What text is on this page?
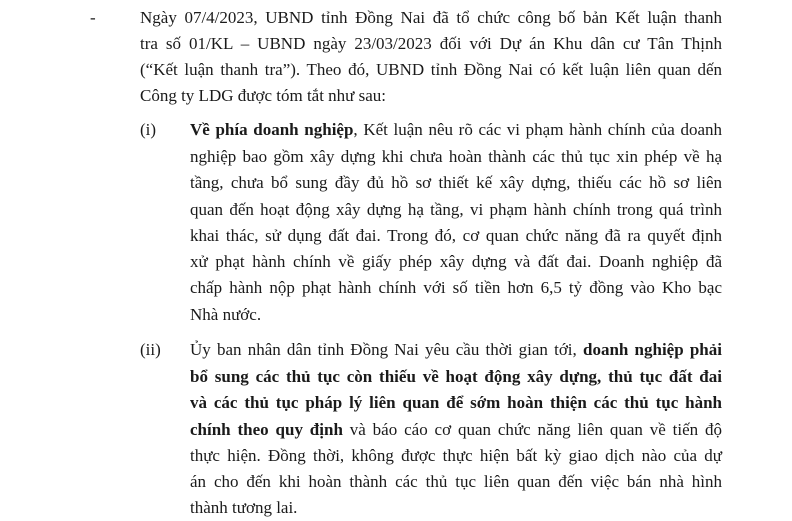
-	Ngày 07/4/2023, UBND tỉnh Đồng Nai đã tổ chức công bố bản Kết luận thanh
tra số 01/KL – UBND ngày 23/03/2023 đối với Dự án Khu dân cư Tân Thịnh
(“Kết luận thanh tra”). Theo đó, UBND tỉnh Đồng Nai có kết luận liên quan dến
Công ty LDG được tóm tắt như sau:
(i) Về phía doanh nghiệp, Kết luận nêu rõ các vi phạm hành chính của doanh
nghiệp bao gồm xây dựng khi chưa hoàn thành các thủ tục xin phép về hạ
tầng, chưa bổ sung đầy đủ hồ sơ thiết kế xây dựng, thiếu các hồ sơ liên
quan đến hoạt động xây dựng hạ tầng, vi phạm hành chính trong quá trình
khai thác, sử dụng đất đai. Trong đó, cơ quan chức năng đã ra quyết định
xử phạt hành chính về giấy phép xây dựng và đất đai. Doanh nghiệp đã
chấp hành nộp phạt hành chính với số tiền hơn 6,5 tỷ đồng vào Kho bạc
Nhà nước.
(ii) Ủy ban nhân dân tỉnh Đồng Nai yêu cầu thời gian tới, doanh nghiệp phải
bổ sung các thủ tục còn thiếu về hoạt động xây dựng, thủ tục đất đai
và các thủ tục pháp lý liên quan để sớm hoàn thiện các thủ tục hành
chính theo quy định và báo cáo cơ quan chức năng liên quan về tiến độ
thực hiện. Đồng thời, không được thực hiện bất kỳ giao dịch nào của dự
án cho đến khi hoàn thành các thủ tục liên quan đến việc bán nhà hình
thành tương lai.
